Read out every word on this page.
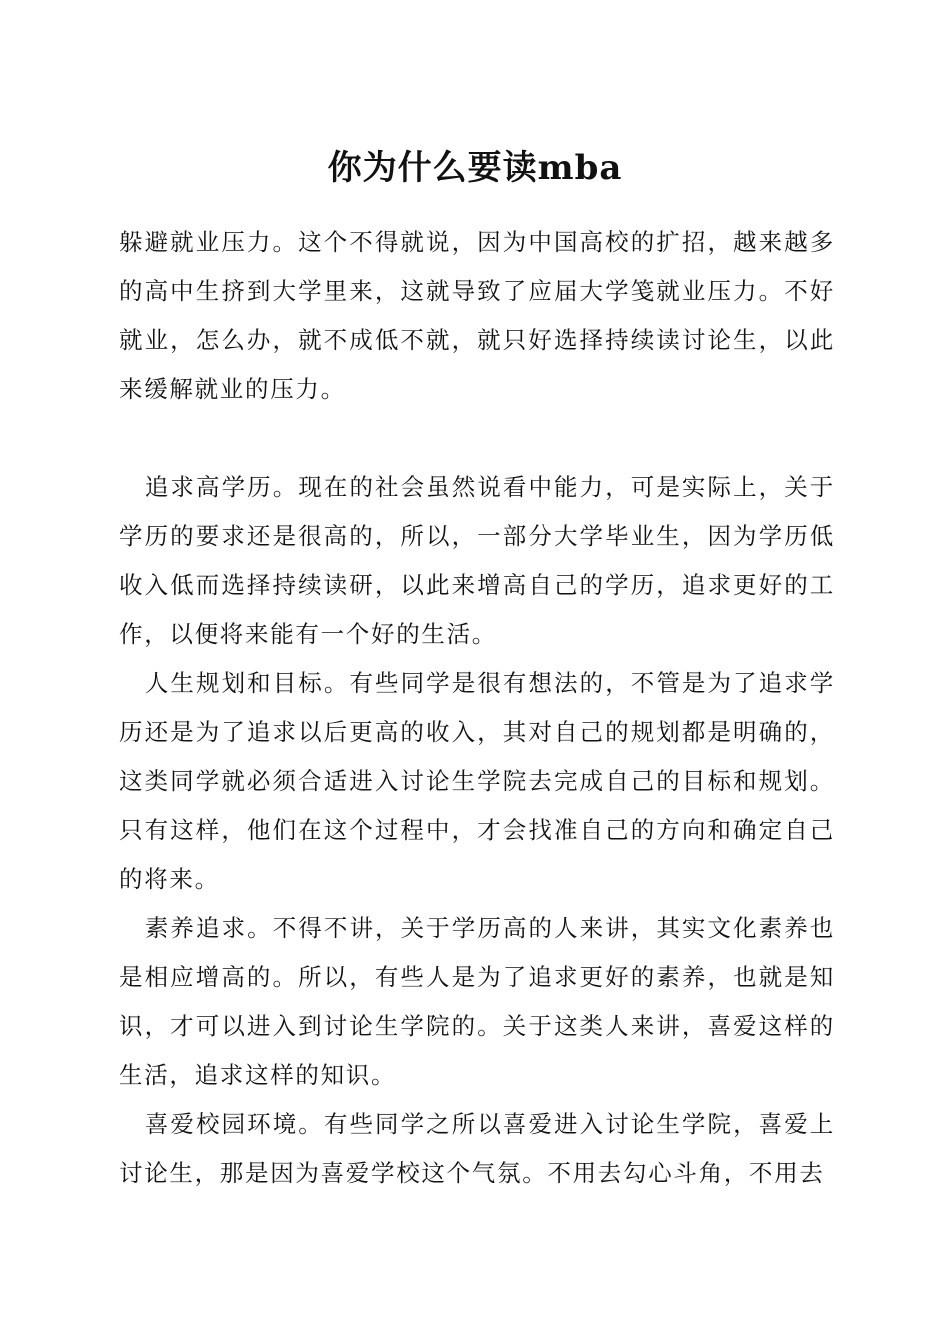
你为什么要读mba

躲避就业压力。这个不得就说，因为中国高校的扩招，越来越多的高中生挤到大学里来，这就导致了应届大学笺就业压力。不好就业，怎么办，就不成低不就，就只好选择持续读讨论生，以此来缓解就业的压力。

追求高学历。现在的社会虽然说看中能力，可是实际上，关于学历的要求还是很高的，所以，一部分大学毕业生，因为学历低收入低而选择持续读研，以此来增高自己的学历，追求更好的工作，以便将来能有一个好的生活。

人生规划和目标。有些同学是很有想法的，不管是为了追求学历还是为了追求以后更高的收入，其对自己的规划都是明确的，这类同学就必须合适进入讨论生学院去完成自己的目标和规划。只有这样，他们在这个过程中，才会找准自己的方向和确定自己的将来。

素养追求。不得不讲，关于学历高的人来讲，其实文化素养也是相应增高的。所以，有些人是为了追求更好的素养，也就是知识，才可以进入到讨论生学院的。关于这类人来讲，喜爱这样的生活，追求这样的知识。

喜爱校园环境。有些同学之所以喜爱进入讨论生学院，喜爱上讨论生，那是因为喜爱学校这个气氛。不用去勾心斗角，不用去
